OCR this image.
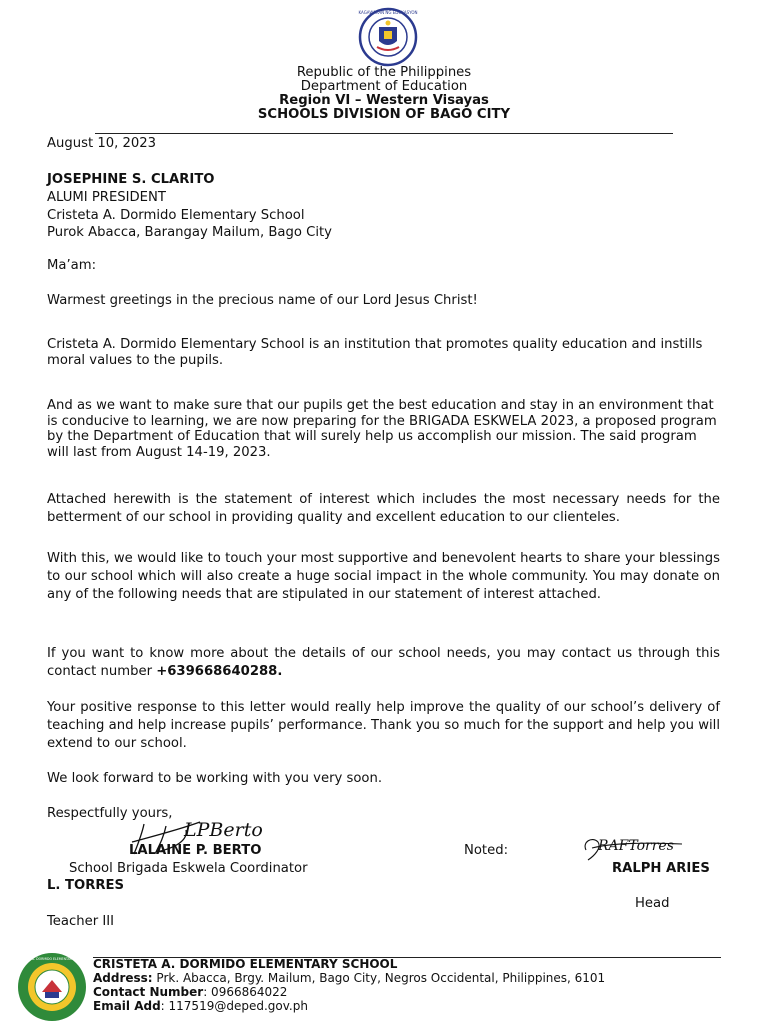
KAGAWARAN NG EDUKASYON
Republic of the Philippines
Department of Education
Region VI – Western Visayas
SCHOOLS DIVISION OF BAGO CITY
August 10, 2023
JOSEPHINE S. CLARITO
ALUMI PRESIDENT
Cristeta A. Dormido Elementary School
Purok Abacca, Barangay Mailum, Bago City
Ma’am:
Warmest greetings in the precious name of our Lord Jesus Christ!
Cristeta A. Dormido Elementary School is an institution that promotes quality education and instills moral values to the pupils.
And as we want to make sure that our pupils get the best education and stay in an environment that is conducive to learning, we are now preparing for the BRIGADA ESKWELA 2023, a proposed program by the Department of Education that will surely help us accomplish our mission. The said program will last from August 14-19, 2023.
Attached herewith is the statement of interest which includes the most necessary needs for the betterment of our school in providing quality and excellent education to our clienteles.
With this, we would like to touch your most supportive and benevolent hearts to share your blessings to our school which will also create a huge social impact in the whole community. You may donate on any of the following needs that are stipulated in our statement of interest attached.
If you want to know more about the details of our school needs, you may contact us through this contact number +639668640288.
Your positive response to this letter would really help improve the quality of our school’s delivery of teaching and help increase pupils’ performance. Thank you so much for the support and help you will extend to our school.
We look forward to be working with you very soon.
Respectfully yours,
LPBerto
LALAINE P. BERTO
School Brigada Eskwela Coordinator
Noted:	RAFTorres
RALPH ARIES
L. TORRES
Head
Teacher III
CRISTETA A. DORMIDO ELEMENTARY SCHOOL CRISTETA A. DORMIDO ELEMENTARY SCHOOL
Address: Prk. Abacca, Brgy. Mailum, Bago City, Negros Occidental, Philippines, 6101
Contact Number: 0966864022
Email Add: 117519@deped.gov.ph
